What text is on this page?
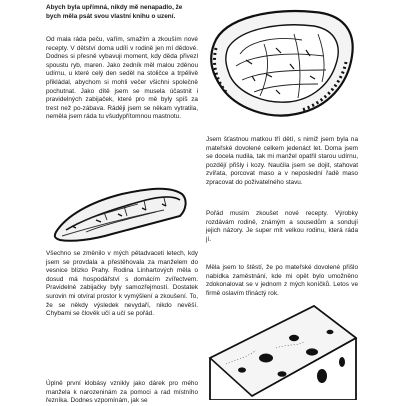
Abych byla upřímná, nikdy mě nenapadlo, že bych měla psát svou vlastní knihu o uzení.

Od mala ráda peču, vařím, smažím a zkouším nové recepty. V dětství doma udílí v rodině jen mí dědové. Dodnes si přesně vybavuji moment, kdy děda přivezl spoustu ryb, maren. Jako zedník měl malou zděnou udírnu, u které celý den seděl na stoličce a trpělivě přikládal, abychom si mohli večer všichni společně pochutnat. Jako dítě jsem se musela účastnit i pravidelných zabijaček, které pro mě byly spíš za trest než po-zábava. Ráději jsem se někam vytratila, neměla jsem ráda tu všudypřítomnou mastnotu.

Všechno se změnilo v mých pětadvaceti letech, kdy jsem se provdala a přestěhovala za manželem do vesnice blízko Prahy. Rodina Linhartových měla o dosud má hospodářství s domácím zvířectvem. Pravidelné zabijačky byly samozřejmostí. Dostatek surovin mi otvíral prostor k vymýšlení a zkoušení. To, že se někdy výsledek nevydaří, nikdo nevěší. Chybami se člověk učí a učí se pořád.

Úplně první klobásy vznikly jako dárek pro mého manžela k narozeninám za pomoci a rad místního řezníka. Dodnes vzpomínám, jak se

Jsem šťastnou matkou tří dětí, s nimiž jsem byla na mateřské dovolené celkem jedenáct let. Doma jsem se docela nudila, tak mi manžel opatřil starou udírnu, pozdějí přišly i kozy. Naučila jsem se dojit, stahovat zvířata, porcovat maso a v neposlední řadě maso zpracovat do poživatelného stavu.

Pořád musím zkoušet nové recepty. Výrobky rozdávám rodině, známým a sousedům a sondují jejich názory. Je super mít velkou rodinu, která ráda jí.

Měla jsem to štěstí, že po mateřské dovolené přišlo nabídka zaměstnání, kde mi opět bylo umožněno zdokonalovat se v jednom z mých koníčků. Letos ve firmě oslavím třináctý rok.
